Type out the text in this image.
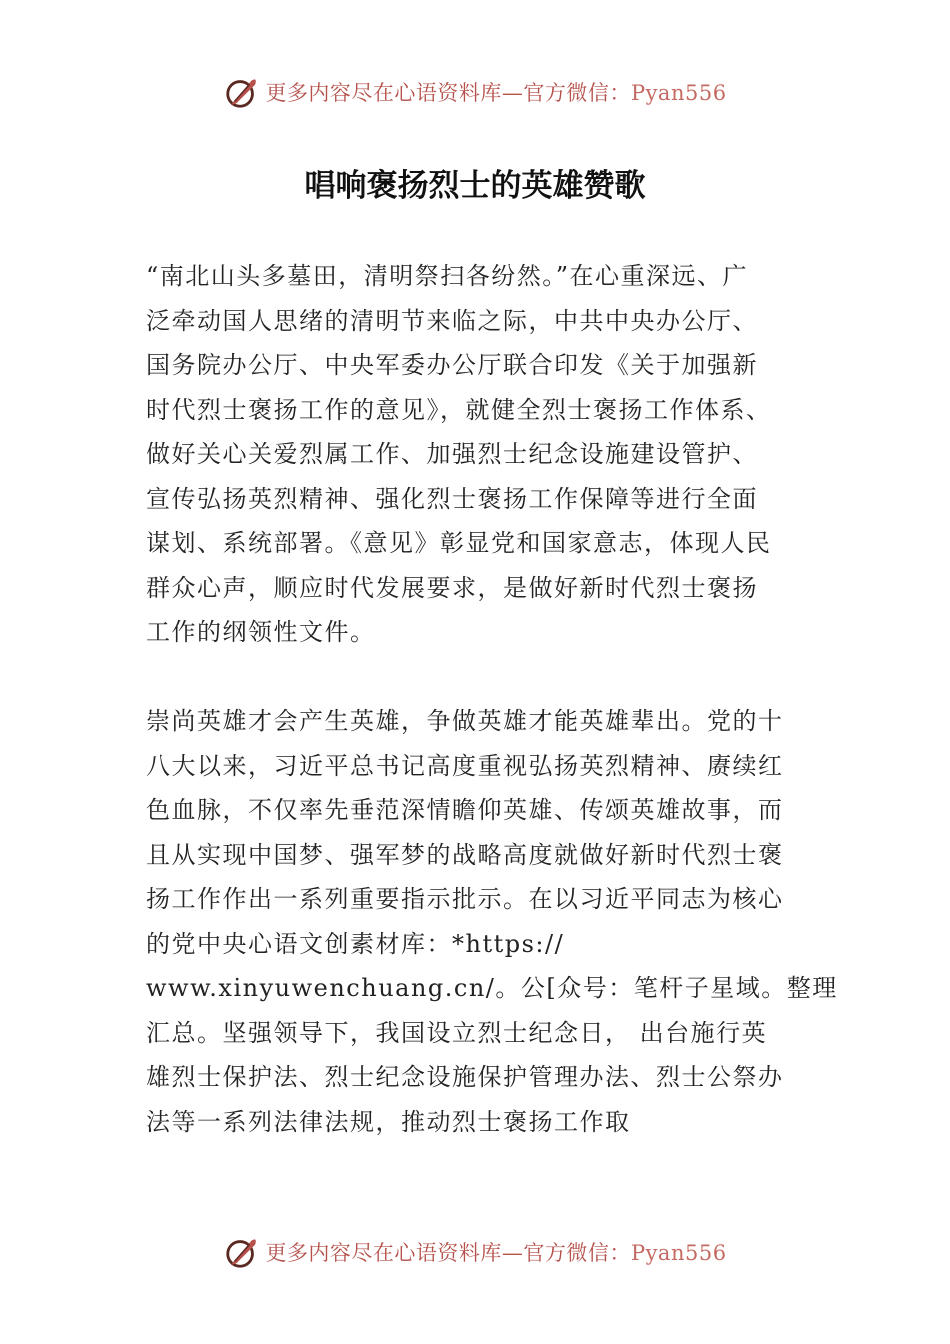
更多内容尽在心语资料库—官方微信：Pyan556
唱响褒扬烈士的英雄赞歌

“南北山头多墓田，清明祭扫各纷然。”在心重深远、广
泛牵动国人思绪的清明节来临之际，中共中央办公厅、
国务院办公厅、中央军委办公厅联合印发《关于加强新
时代烈士褒扬工作的意见》，就健全烈士褒扬工作体系、
做好关心关爱烈属工作、加强烈士纪念设施建设管护、
宣传弘扬英烈精神、强化烈士褒扬工作保障等进行全面
谋划、系统部署。《意见》彰显党和国家意志，体现人民
群众心声，顺应时代发展要求，是做好新时代烈士褒扬
工作的纲领性文件。

崇尚英雄才会产生英雄，争做英雄才能英雄辈出。党的十
八大以来，习近平总书记高度重视弘扬英烈精神、赓续红
色血脉，不仅率先垂范深情瞻仰英雄、传颂英雄故事，而
且从实现中国梦、强军梦的战略高度就做好新时代烈士褒
扬工作作出一系列重要指示批示。在以习近平同志为核心
的党中央心语文创素材库：*https://
www.xinyuwenchuang.cn/。公[众号：笔杆子星域。整理
汇总。坚强领导下，我国设立烈士纪念日， 出台施行英
雄烈士保护法、烈士纪念设施保护管理办法、烈士公祭办
法等一系列法律法规，推动烈士褒扬工作取

更多内容尽在心语资料库—官方微信：Pyan556
